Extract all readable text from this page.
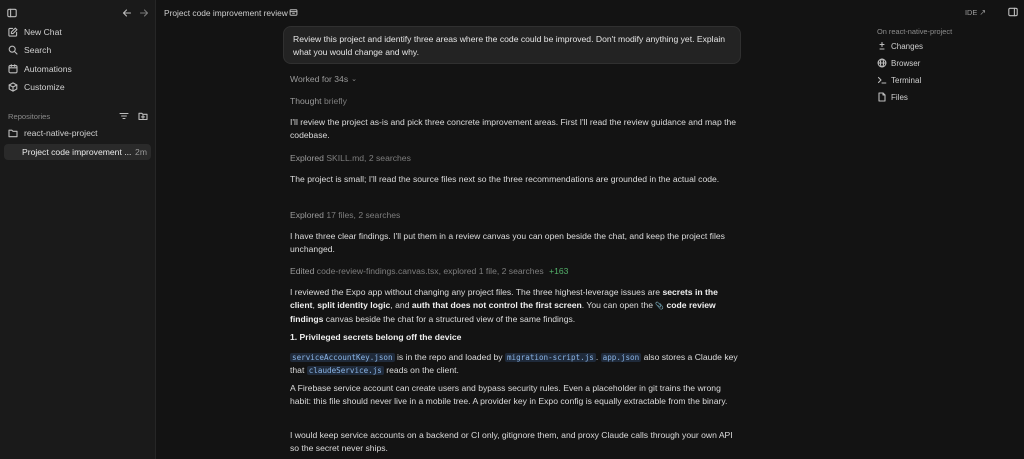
New Chat
Search
Automations
Customize
Repositories
react-native-project
Project code improvement ... 2m
Project code improvement review	IDE ↗
On react-native-project
Changes
Browser
Terminal
Files
Review this project and identify three areas where the code could be improved. Don't modify anything yet. Explain what you would change and why.
Worked for 34s ⌄
Thought briefly
I'll review the project as-is and pick three concrete improvement areas. First I'll read the review guidance and map the codebase.
Explored SKILL.md, 2 searches
The project is small; I'll read the source files next so the three recommendations are grounded in the actual code.
Explored 17 files, 2 searches
I have three clear findings. I'll put them in a review canvas you can open beside the chat, and keep the project files unchanged.
Edited code-review-findings.canvas.tsx, explored 1 file, 2 searches +163
I reviewed the Expo app without changing any project files. The three highest-leverage issues are secrets in the client, split identity logic, and auth that does not control the first screen. You can open the 📎 code review findings canvas beside the chat for a structured view of the same findings.
1. Privileged secrets belong off the device
serviceAccountKey.json is in the repo and loaded by migration-script.js . app.json also stores a Claude key that claudeService.js reads on the client.
A Firebase service account can create users and bypass security rules. Even a placeholder in git trains the wrong habit: this file should never live in a mobile tree. A provider key in Expo config is equally extractable from the binary.
I would keep service accounts on a backend or CI only, gitignore them, and proxy Claude calls through your own API so the secret never ships.
